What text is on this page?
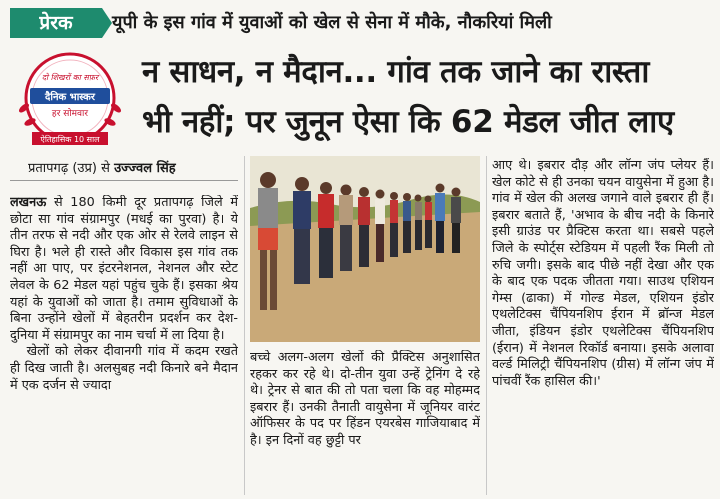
प्रेरक	यूपी के इस गांव में युवाओं को खेल से सेना में मौके, नौकरियां मिली
न साधन, न मैदान... गांव तक जाने का रास्ता
भी नहीं; पर जुनून ऐसा कि 62 मेडल जीत लाए
दो शिखरों का सफ़र
दैनिक भास्कर
हर सोमवार
ऐतिहासिक 10 साल
प्रतापगढ़ (उप्र) से उज्ज्वल सिंह

लखनऊ से 180 किमी दूर प्रतापगढ़ जिले में छोटा सा गांव संग्रामपुर (मधई का पुरवा) है। ये तीन तरफ से नदी और एक ओर से रेलवे लाइन से घिरा है। भले ही रास्ते और विकास इस गांव तक नहीं आ पाए, पर इंटरनेशनल, नेशनल और स्टेट लेवल के 62 मेडल यहां पहुंच चुके हैं। इसका श्रेय यहां के युवाओं को जाता है। तमाम सुविधाओं के बिना उन्होंने खेलों में बेहतरीन प्रदर्शन कर देश-दुनिया में संग्रामपुर का नाम चर्चा में ला दिया है।

खेलों को लेकर दीवानगी गांव में कदम रखते ही दिख जाती है। अलसुबह नदी किनारे बने मैदान में एक दर्जन से ज्यादा

बच्चे अलग-अलग खेलों की प्रैक्टिस अनुशासित रहकर कर रहे थे। दो-तीन युवा उन्हें ट्रेनिंग दे रहे थे। ट्रेनर से बात की तो पता चला कि वह मोहम्मद इबरार हैं। उनकी तैनाती वायुसेना में जूनियर वारंट ऑफिसर के पद पर हिंडन एयरबेस गाजियाबाद में है। इन दिनों वह छुट्टी पर

आए थे। इबरार दौड़ और लॉन्ग जंप प्लेयर हैं। खेल कोटे से ही उनका चयन वायुसेना में हुआ है। गांव में खेल की अलख जगाने वाले इबरार ही हैं। इबरार बताते हैं, 'अभाव के बीच नदी के किनारे इसी ग्राउंड पर प्रैक्टिस करता था। सबसे पहले जिले के स्पोर्ट्स स्टेडियम में पहली रैंक मिली तो रुचि जगी। इसके बाद पीछे नहीं देखा और एक के बाद एक पदक जीतता गया। साउथ एशियन गेम्स (ढाका) में गोल्ड मेडल, एशियन इंडोर एथलेटिक्स चैंपियनशिप ईरान में ब्रॉन्ज मेडल जीता, इंडियन इंडोर एथलेटिक्स चैंपियनशिप (ईरान) में नेशनल रिकॉर्ड बनाया। इसके अलावा वर्ल्ड मिलिट्री चैंपियनशिप (ग्रीस) में लॉन्ग जंप में पांचवीं रैंक हासिल की।'
